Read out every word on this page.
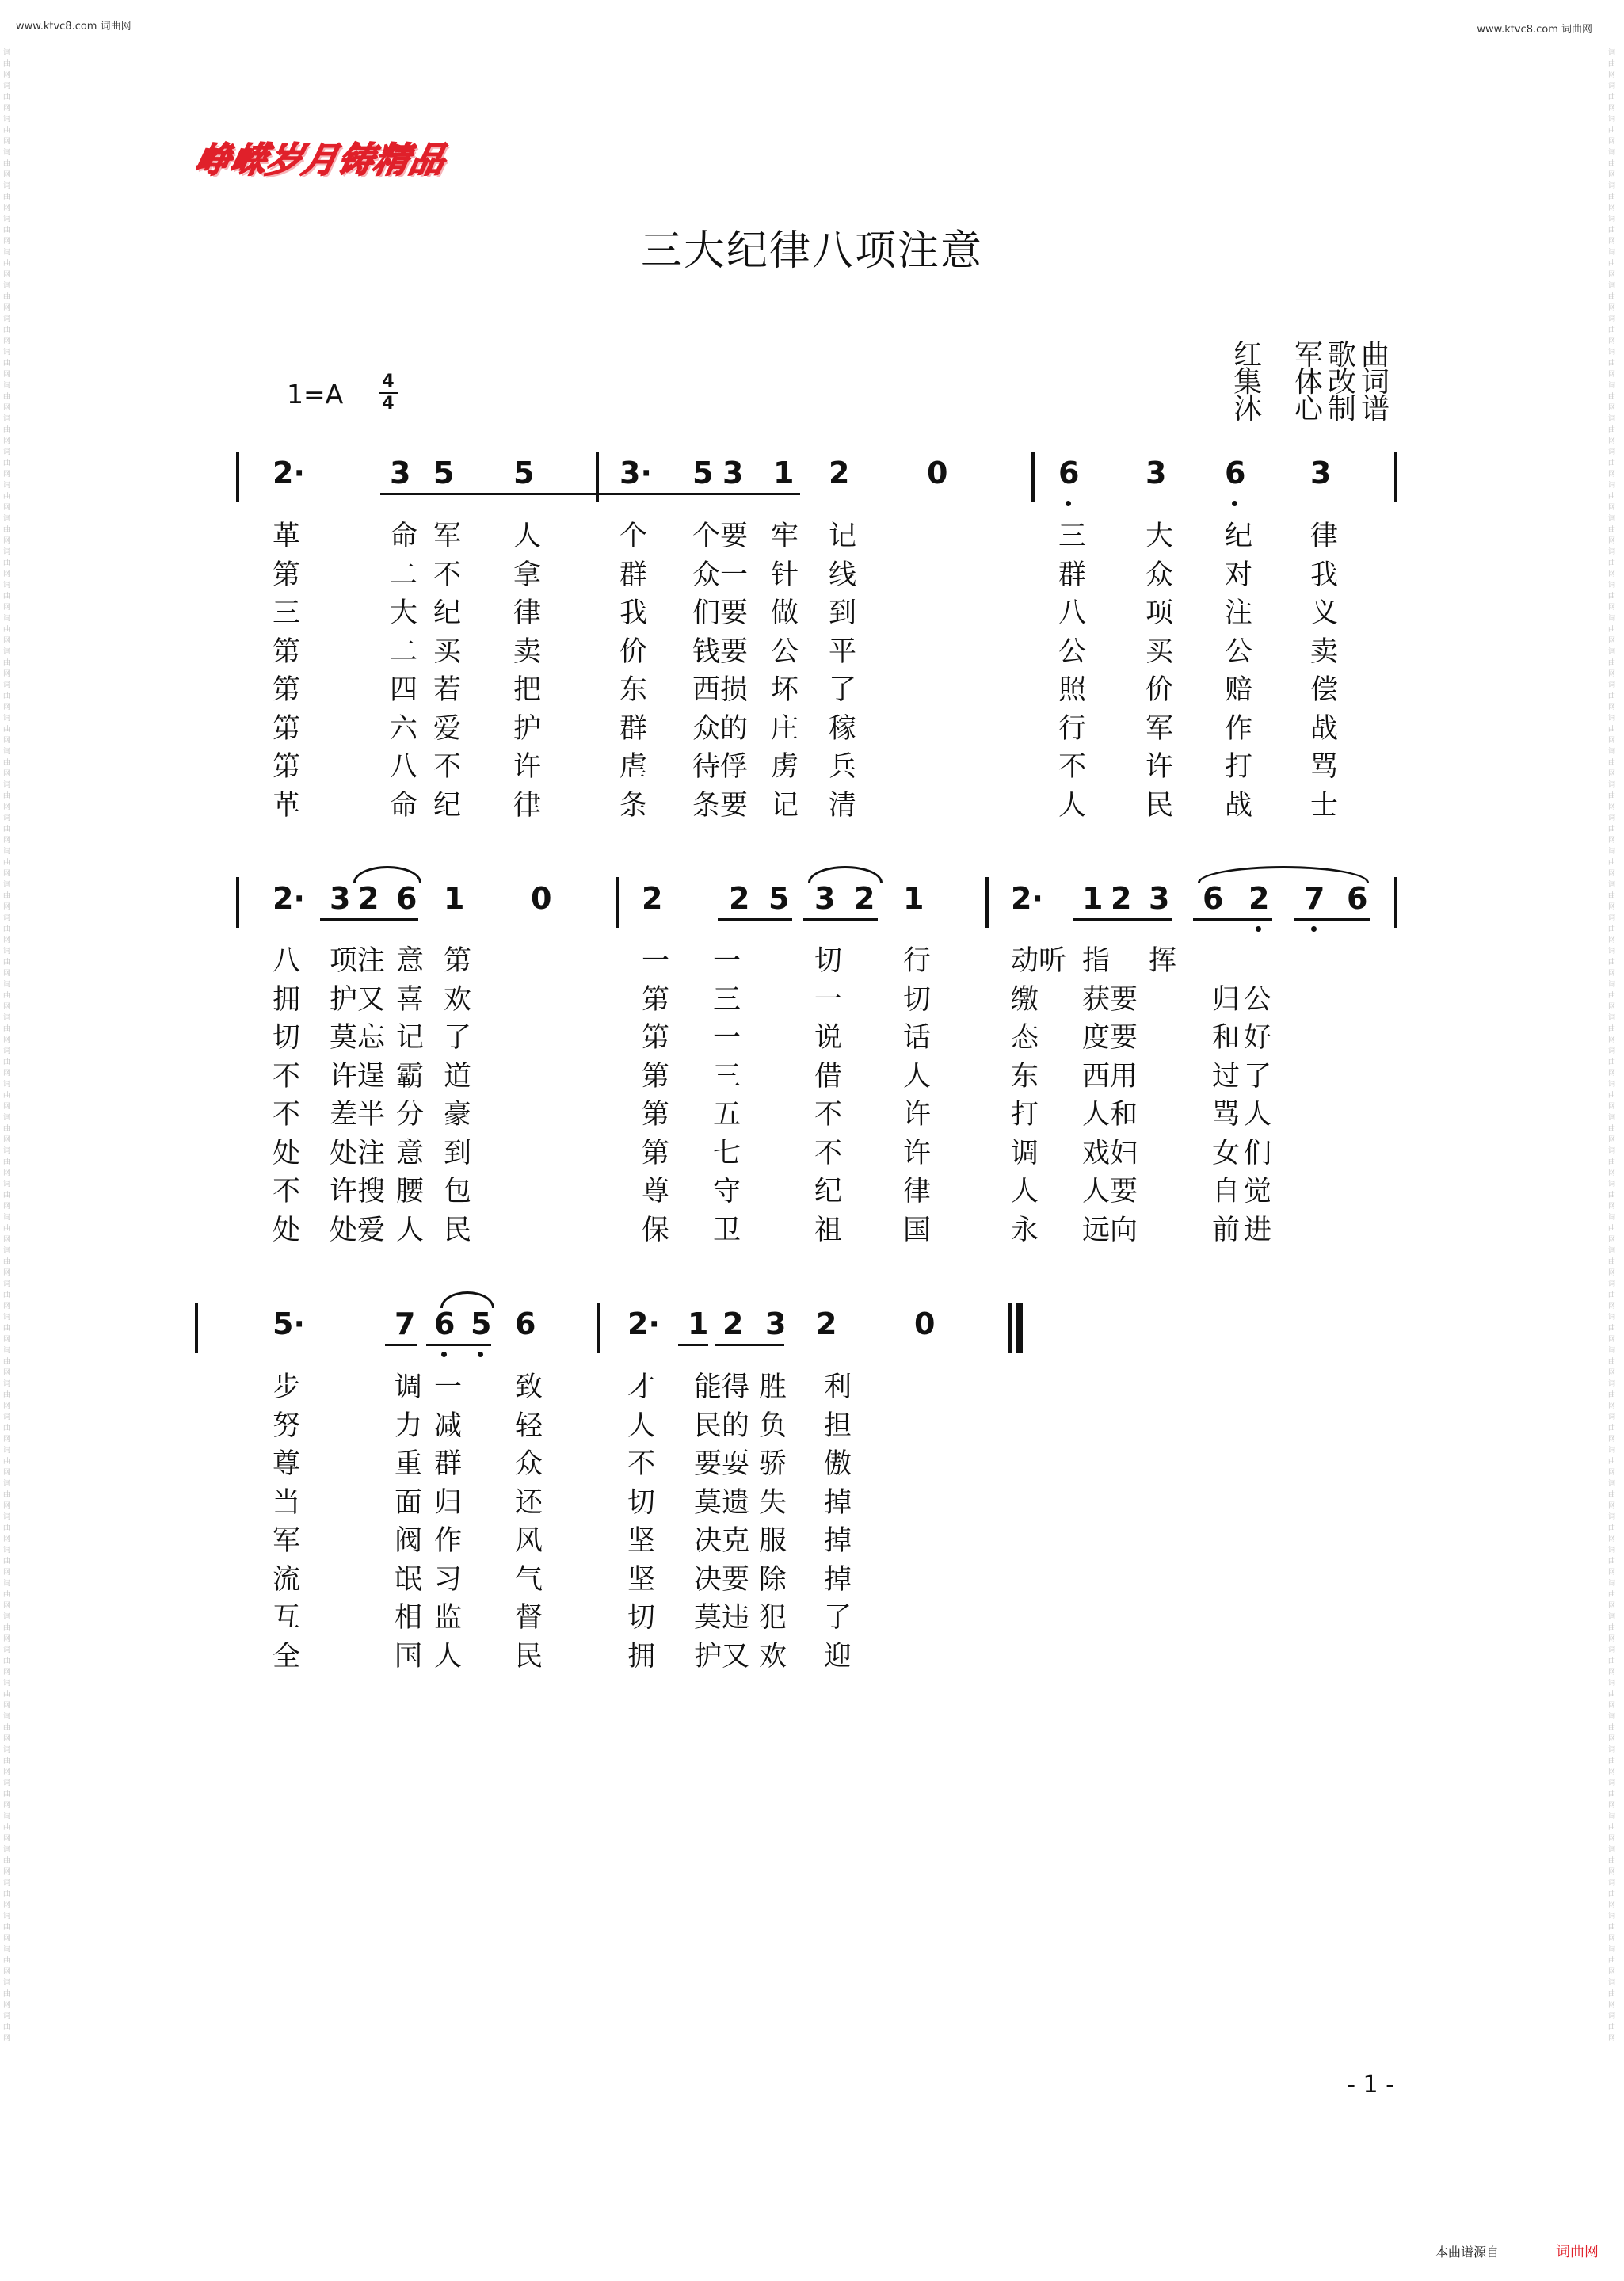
www.ktvc8.com 词曲网	www.ktvc8.com 词曲网
词曲网词曲网词曲网词曲网词曲网词曲网词曲网词曲网词曲网词曲网词曲网词曲网词曲网词曲网词曲网词曲网词曲网词曲网词曲网词曲网词曲网词曲网词曲网词曲网词曲网词曲网词曲网词曲网词曲网词曲网词曲网词曲网词曲网词曲网词曲网词曲网词曲网词曲网词曲网词曲网词曲网词曲网词曲网词曲网词曲网词曲网词曲网词曲网词曲网词曲网词曲网词曲网词曲网词曲网词曲网词曲网词曲网词曲网词曲网词曲网
词曲网词曲网词曲网词曲网词曲网词曲网词曲网词曲网词曲网词曲网词曲网词曲网词曲网词曲网词曲网词曲网词曲网词曲网词曲网词曲网词曲网词曲网词曲网词曲网词曲网词曲网词曲网词曲网词曲网词曲网词曲网词曲网词曲网词曲网词曲网词曲网词曲网词曲网词曲网词曲网词曲网词曲网词曲网词曲网词曲网词曲网词曲网词曲网词曲网词曲网词曲网词曲网词曲网词曲网词曲网词曲网词曲网词曲网词曲网词曲网
峥嵘岁月铸精品
三大纪律八项注意
1=A 4
4
红  军歌曲
集  体改词
沐  心制谱
2·	3 5 5	3· 5 3 1 2	0	6 3 6 3
革	命 军 人	个 个要 牢 记	三 大 纪 律
第	二 不 拿	群 众一 针 线	群 众 对 我
三	大 纪 律	我 们要 做 到	八 项 注 义
第	二 买 卖	价 钱要 公 平	公 买 公 卖
第	四 若 把	东 西损 坏 了	照 价 赔 偿
第	六 爱 护	群 众的 庄 稼	行 军 作 战
第	八 不 许	虐 待俘 虏 兵	不 许 打 骂
革	命 纪 律	条 条要 记 清	人 民 战 士
2· 3 2 6 1 0	2 2 5 3 2 1	2· 1 2 3 6 2 7 6
八 项注 意 第	一 一	切 行	动听 指 挥
拥 护又 喜 欢	第 三	一 切	缴 获要	归 公
切 莫忘 记 了	第 一	说 话	态 度要	和 好
不 许逞 霸 道	第 三	借 人	东 西用	过 了
不 差半 分 豪	第 五	不 许	打 人和	骂 人
处 处注 意 到	第 七	不 许	调 戏妇	女 们
不 许搜 腰 包	尊 守	纪 律	人 人要	自 觉
处 处爱 人 民	保 卫	祖 国	永 远向	前 进
5·	7 6 5 6	2· 1 2 3 2	0
步	调 一 致	才 能得 胜 利
努	力 减 轻	人 民的 负 担
尊	重 群 众	不 要耍 骄 傲
当	面 归 还	切 莫遗 失 掉
军	阀 作 风	坚 决克 服 掉
流	氓 习 气	坚 决要 除 掉
互	相 监 督	切 莫违 犯 了
全	国 人 民	拥 护又 欢 迎
- 1 -
本曲谱源自	词曲网
